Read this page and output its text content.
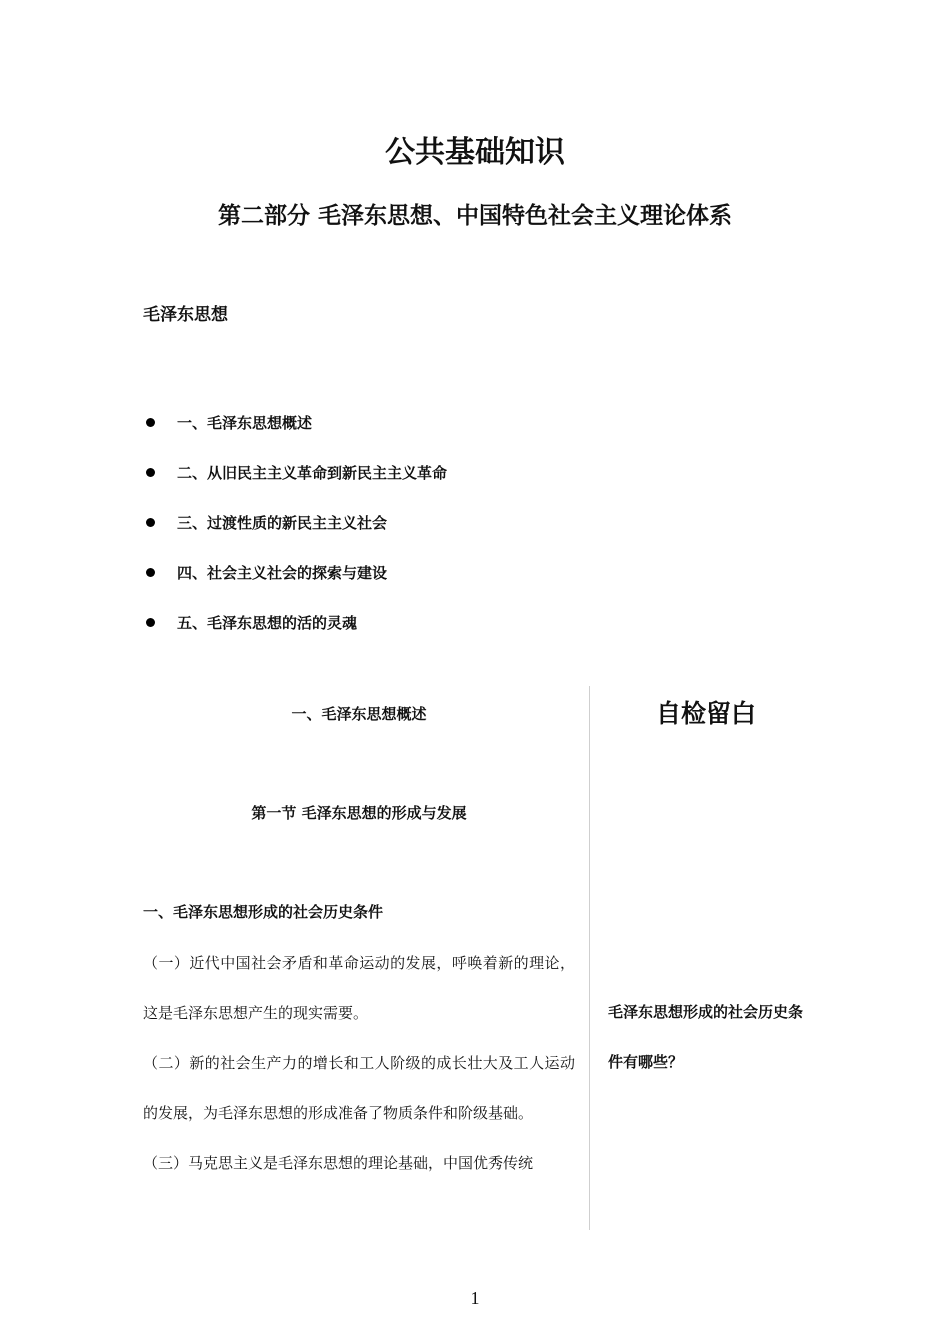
公共基础知识
第二部分 毛泽东思想、中国特色社会主义理论体系
毛泽东思想
一、毛泽东思想概述
二、从旧民主主义革命到新民主主义革命
三、过渡性质的新民主主义社会
四、社会主义社会的探索与建设
五、毛泽东思想的活的灵魂
一、毛泽东思想概述
第一节 毛泽东思想的形成与发展
一、毛泽东思想形成的社会历史条件

（一）近代中国社会矛盾和革命运动的发展，呼唤着新的理论，这是毛泽东思想产生的现实需要。

（二）新的社会生产力的增长和工人阶级的成长壮大及工人运动的发展，为毛泽东思想的形成准备了物质条件和阶级基础。

（三）马克思主义是毛泽东思想的理论基础，中国优秀传统

自检留白

毛泽东思想形成的社会历史条件有哪些？

1
